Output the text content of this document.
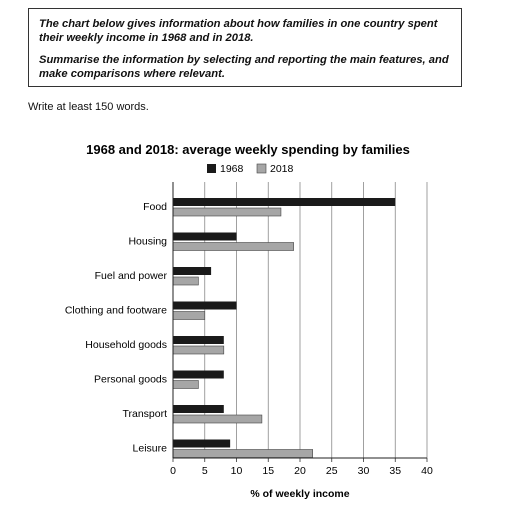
The chart below gives information about how families in one country spent their weekly income in 1968 and in 2018.

Summarise the information by selecting and reporting the main features, and make comparisons where relevant.

Write at least 150 words.
1968 and 2018: average weekly spending by families
1968	2018
Food
Housing
Fuel and power
Clothing and footware
Household goods
Personal goods
Transport
Leisure
0 5 10 15 20 25 30 35 40
% of weekly income
